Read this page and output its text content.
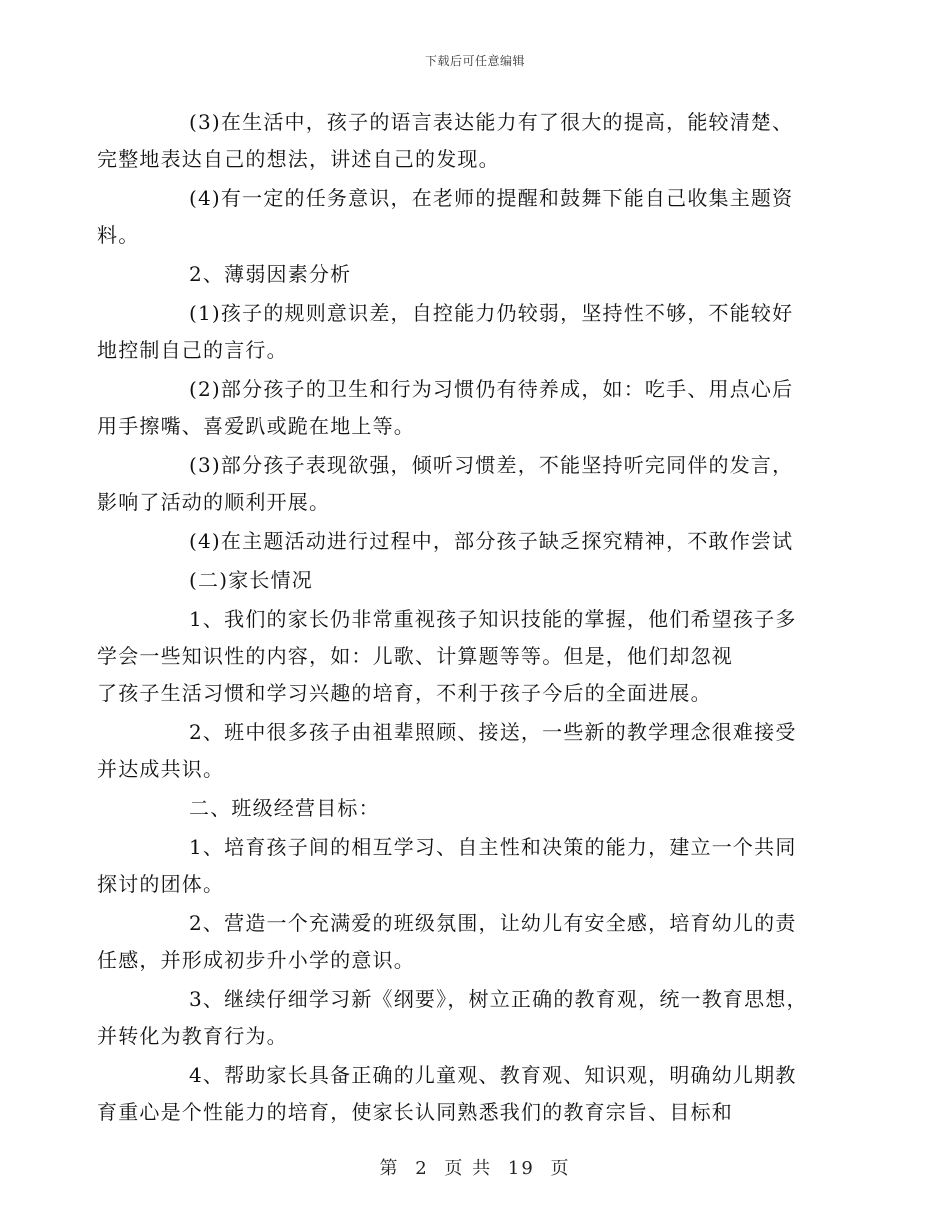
下载后可任意编辑

(3)在生活中，孩子的语言表达能力有了很大的提高，能较清楚、
完整地表达自己的想法，讲述自己的发现。

(4)有一定的任务意识，在老师的提醒和鼓舞下能自己收集主题资
料。

2、薄弱因素分析

(1)孩子的规则意识差，自控能力仍较弱，坚持性不够，不能较好
地控制自己的言行。

(2)部分孩子的卫生和行为习惯仍有待养成，如：吃手、用点心后
用手擦嘴、喜爱趴或跪在地上等。

(3)部分孩子表现欲强，倾听习惯差，不能坚持听完同伴的发言，
影响了活动的顺利开展。

(4)在主题活动进行过程中，部分孩子缺乏探究精神，不敢作尝试

(二)家长情况

1、我们的家长仍非常重视孩子知识技能的掌握，他们希望孩子多
学会一些知识性的内容，如：儿歌、计算题等等。但是，他们却忽视
了孩子生活习惯和学习兴趣的培育，不利于孩子今后的全面进展。

2、班中很多孩子由祖辈照顾、接送，一些新的教学理念很难接受
并达成共识。

二、班级经营目标：

1、培育孩子间的相互学习、自主性和决策的能力，建立一个共同
探讨的团体。

2、营造一个充满爱的班级氛围，让幼儿有安全感，培育幼儿的责
任感，并形成初步升小学的意识。

3、继续仔细学习新《纲要》，树立正确的教育观，统一教育思想，
并转化为教育行为。

4、帮助家长具备正确的儿童观、教育观、知识观，明确幼儿期教
育重心是个性能力的培育，使家长认同熟悉我们的教育宗旨、目标和

第 2 页 共 19 页
